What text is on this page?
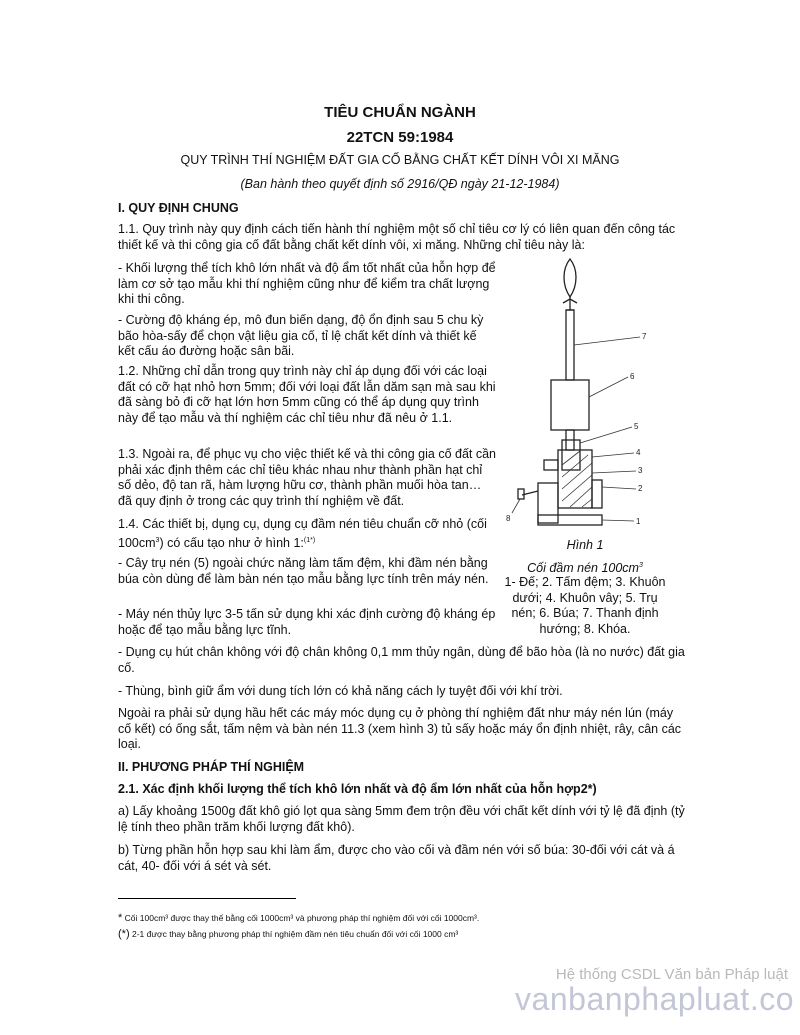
TIÊU CHUẨN NGÀNH
22TCN 59:1984
QUY TRÌNH THÍ NGHIỆM ĐẤT GIA CỐ BẰNG CHẤT KẾT DÍNH VÔI XI MĂNG
(Ban hành theo quyết định số 2916/QĐ ngày 21-12-1984)
I. QUY ĐỊNH CHUNG

1.1. Quy trình này quy định cách tiến hành thí nghiệm một số chỉ tiêu cơ lý có liên quan đến công tác thiết kế và thi công gia cố đất bằng chất kết dính vôi, xi măng. Những chỉ tiêu này là:

- Khối lượng thể tích khô lớn nhất và độ ẩm tốt nhất của hỗn hợp để làm cơ sở tạo mẫu khi thí nghiệm cũng như để kiểm tra chất lượng khi thi công.

- Cường độ kháng ép, mô đun biến dạng, độ ổn định sau 5 chu kỳ bão hòa-sấy để chọn vật liệu gia cố, tỉ lệ chất kết dính và thiết kế kết cấu áo đường hoặc sân bãi.

1.2. Những chỉ dẫn trong quy trình này chỉ áp dụng đối với các loại đất có cỡ hạt nhỏ hơn 5mm; đối với loại đất lẫn dăm sạn mà sau khi đã sàng bỏ đi cỡ hạt lớn hơn 5mm cũng có thể áp dụng quy trình này để tạo mẫu và thí nghiệm các chỉ tiêu như đã nêu ở 1.1.

1.3. Ngoài ra, để phục vụ cho việc thiết kế và thi công gia cố đất cần phải xác định thêm các chỉ tiêu khác nhau như thành phần hạt chỉ số dẻo, độ tan rã, hàm lượng hữu cơ, thành phần muối hòa tan… đã quy định ở trong các quy trình thí nghiệm về đất.

1.4. Các thiết bị, dụng cụ, dụng cụ đầm nén tiêu chuẩn cỡ nhỏ (cối $100cm^3$) có cấu tạo như ở hình 1:$^{(1*)}$

- Cây trụ nén (5) ngoài chức năng làm tấm đệm, khi đầm nén bằng búa còn dùng để làm bàn nén tạo mẫu bằng lực tính trên máy nén.

- Máy nén thủy lực 3-5 tấn sử dụng khi xác định cường độ kháng ép hoặc để tạo mẫu bằng lực tĩnh.

- Dụng cụ hút chân không với độ chân không 0,1 mm thủy ngân, dùng để bão hòa (là no nước) đất gia cố.

- Thùng, bình giữ ẩm với dung tích lớn có khả năng cách ly tuyệt đối với khí trời.

Ngoài ra phải sử dụng hầu hết các máy móc dụng cụ ở phòng thí nghiệm đất như máy nén lún (máy cố kết) có ống sắt, tấm nệm và bàn nén 11.3 (xem hình 3) tủ sấy hoặc máy ổn định nhiệt, rây, cân các loại.

II. PHƯƠNG PHÁP THÍ NGHIỆM
2.1. Xác định khối lượng thể tích khô lớn nhất và độ ẩm lớn nhất của hỗn hợp2*)

a) Lấy khoảng 1500g đất khô gió lọt qua sàng 5mm đem trộn đều với chất kết dính với tỷ lệ đã định (tỷ lệ tính theo phần trăm khối lượng đất khô).

b) Từng phần hỗn hợp sau khi làm ẩm, được cho vào cối và đầm nén với số búa: 30-đối với cát và á cát, 40- đối với á sét và sét.

7
6
5
4
3
2
1
8
Hình 1
Cối đầm nén $100cm^3$
1- Đế; 2. Tấm đệm; 3. Khuôn dưới; 4. Khuôn vây; 5. Trụ nén; 6. Búa; 7. Thanh định hướng; 8. Khóa.
* Cối 100cm³ được thay thế bằng cối 1000cm³ và phương pháp thí nghiệm đối với cối 1000cm³.
(*) 2-1 được thay bằng phương pháp thí nghiệm đầm nén tiêu chuẩn đối với cối 1000 cm³
Hệ thống CSDL Văn bản Pháp luật
vanbanphapluat.co
